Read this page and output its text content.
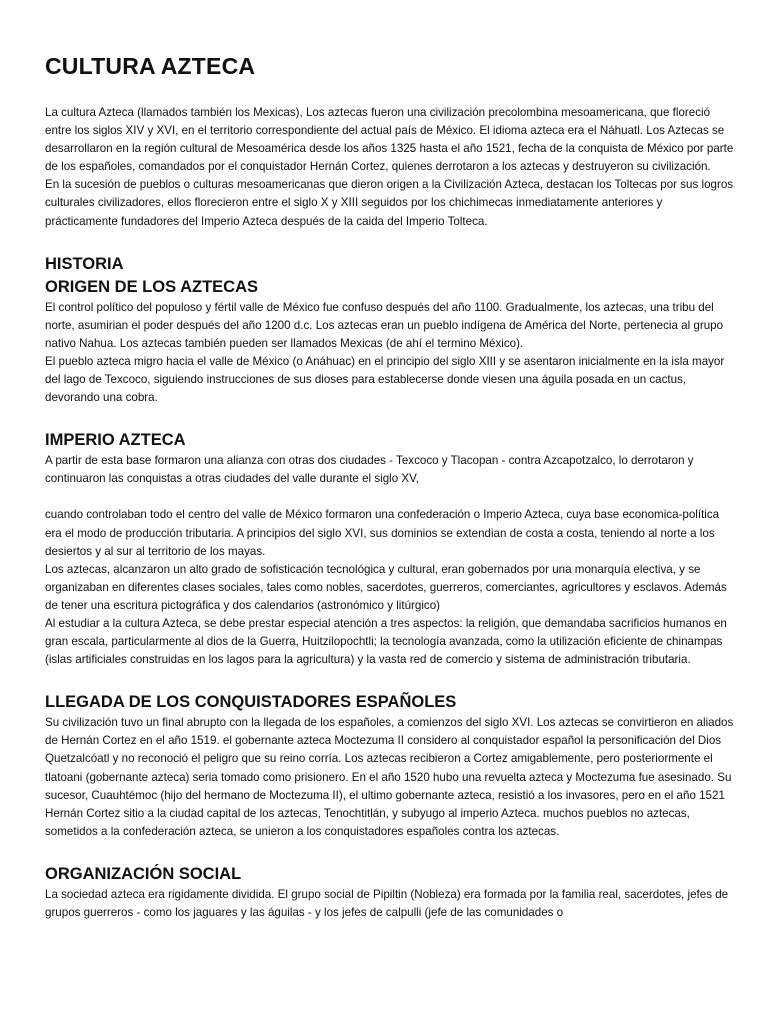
CULTURA AZTECA

La cultura Azteca (llamados también los Mexicas), Los aztecas fueron una civilización precolombina mesoamericana, que floreció entre los siglos XIV y XVI, en el territorio correspondiente del actual país de México. El idioma azteca era el Náhuatl. Los Aztecas se desarrollaron en la región cultural de Mesoamérica desde los años 1325 hasta el año 1521, fecha de la conquista de México por parte de los españoles, comandados por el conquistador Hernán Cortez, quienes derrotaron a los aztecas y destruyeron su civilización.

En la sucesión de pueblos o culturas mesoamericanas que dieron origen a la Civilización Azteca, destacan los Toltecas por sus logros culturales civilizadores, ellos florecieron entre el siglo X y XIII seguidos por los chichimecas inmediatamente anteriores y prácticamente fundadores del Imperio Azteca después de la caida del Imperio Tolteca.

HISTORIA
ORIGEN DE LOS AZTECAS

El control político del populoso y fértil valle de México fue confuso después del año 1100. Gradualmente, los aztecas, una tribu del norte, asumirian el poder después del año 1200 d.c. Los aztecas eran un pueblo indígena de América del Norte, pertenecia al grupo nativo Nahua. Los aztecas también pueden ser llamados Mexicas (de ahí el termino México).

El pueblo azteca migro hacia el valle de México (o Anáhuac) en el principio del siglo XIII y se asentaron inicialmente en la isla mayor del lago de Texcoco, siguiendo instrucciones de sus dioses para establecerse donde viesen una águila posada en un cactus, devorando una cobra.

IMPERIO AZTECA

A partir de esta base formaron una alianza con otras dos ciudades - Texcoco y Tlacopan - contra Azcapotzalco, lo derrotaron y continuaron las conquistas a otras ciudades del valle durante el siglo XV,

cuando controlaban todo el centro del valle de México formaron una confederación o Imperio Azteca, cuya base economica-política era el modo de producción tributaria. A principios del siglo XVI, sus dominios se extendian de costa a costa, teniendo al norte a los desiertos y al sur al territorio de los mayas.

Los aztecas, alcanzaron un alto grado de sofisticación tecnológica y cultural, eran gobernados por una monarquía electiva, y se organizaban en diferentes clases sociales, tales como nobles, sacerdotes, guerreros, comerciantes, agricultores y esclavos. Además de tener una escritura pictográfica y dos calendarios (astronómico y litúrgico)

Al estudiar a la cultura Azteca, se debe prestar especial atención a tres aspectos: la religión, que demandaba sacrificios humanos en gran escala, particularmente al dios de la Guerra, Huitzilopochtli; la tecnología avanzada, como la utilización eficiente de chinampas (islas artificiales construidas en los lagos para la agricultura) y la vasta red de comercio y sistema de administración tributaria.

LLEGADA DE LOS CONQUISTADORES ESPAÑOLES

Su civilización tuvo un final abrupto con la llegada de los españoles, a comienzos del siglo XVI. Los aztecas se convirtieron en aliados de Hernán Cortez en el año 1519. el gobernante azteca Moctezuma II considero al conquistador español la personificación del Dios Quetzalcóatl y no reconoció el peligro que su reino corría. Los aztecas recibieron a Cortez amigablemente, pero posteriormente el tlatoani (gobernante azteca) seria tomado como prisionero. En el año 1520 hubo una revuelta azteca y Moctezuma fue asesinado. Su sucesor, Cuauhtémoc (hijo del hermano de Moctezuma II), el ultimo gobernante azteca, resistió a los invasores, pero en el año 1521 Hernán Cortez sitio a la ciudad capital de los aztecas, Tenochtitlán, y subyugo al imperio Azteca. muchos pueblos no aztecas, sometidos a la confederación azteca, se unieron a los conquistadores españoles contra los aztecas.

ORGANIZACIÓN SOCIAL

La sociedad azteca era rigidamente dividida. El grupo social de Pipiltin (Nobleza) era formada por la familia real, sacerdotes, jefes de grupos guerreros - como los jaguares y las águilas - y los jefes de calpulli (jefe de las comunidades o
